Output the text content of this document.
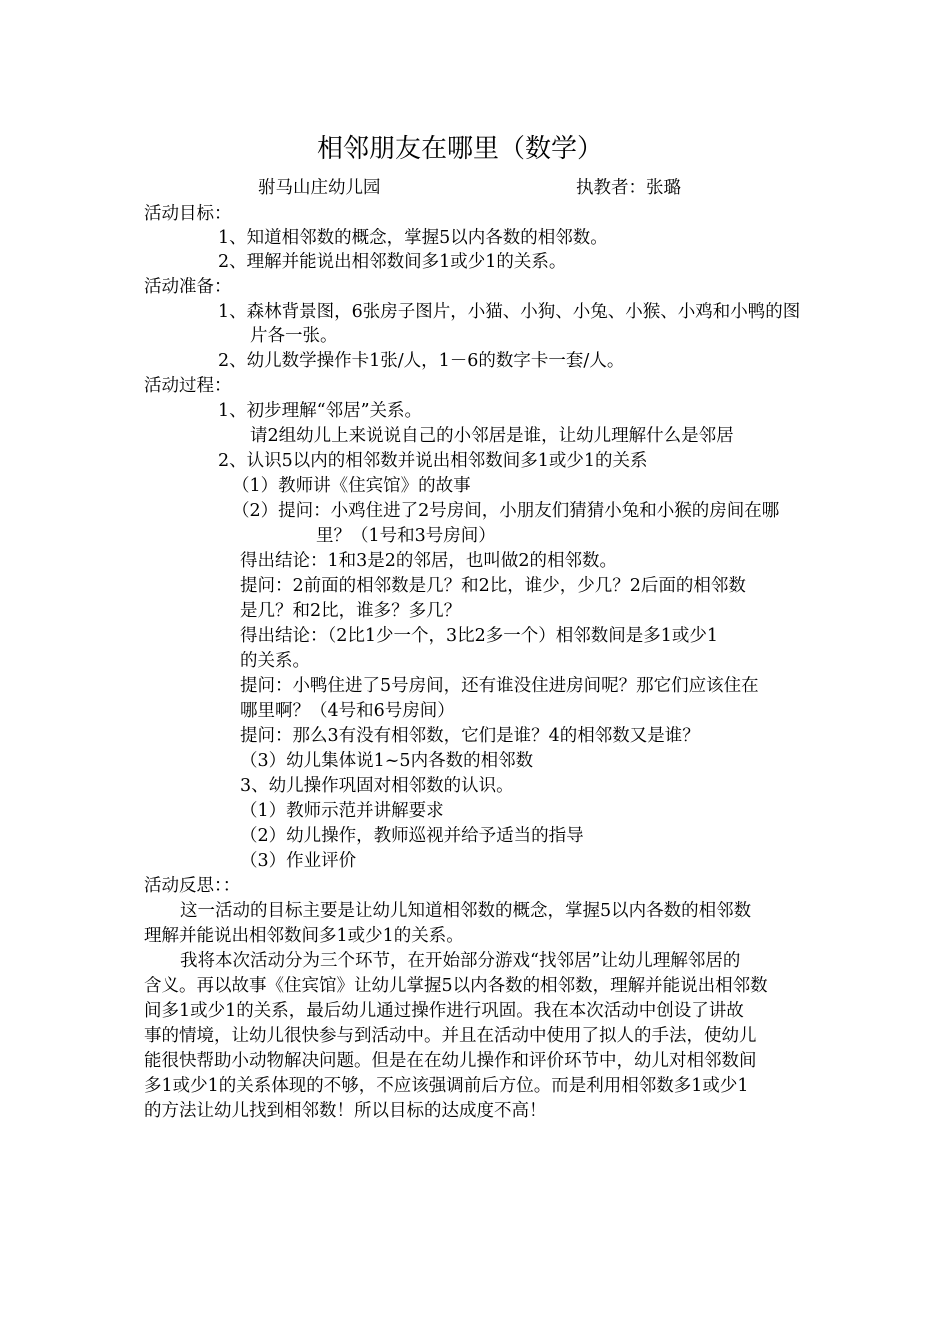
相邻朋友在哪里（数学）
驸马山庄幼儿园	执教者：张璐
活动目标：
1、知道相邻数的概念，掌握5以内各数的相邻数。
2、理解并能说出相邻数间多1或少1的关系。
活动准备：
1、森林背景图，6张房子图片，小猫、小狗、小兔、小猴、小鸡和小鸭的图
片各一张。
2、幼儿数学操作卡1张/人，1－6的数字卡一套/人。
活动过程：
1、初步理解“邻居”关系。
请2组幼儿上来说说自己的小邻居是谁，让幼儿理解什么是邻居
2、认识5以内的相邻数并说出相邻数间多1或少1的关系
（1）教师讲《住宾馆》的故事
（2）提问：小鸡住进了2号房间，小朋友们猜猜小兔和小猴的房间在哪
里？（1号和3号房间）
得出结论：1和3是2的邻居，也叫做2的相邻数。
提问：2前面的相邻数是几？和2比，谁少，少几？2后面的相邻数
是几？和2比，谁多？多几？
得出结论：（2比1少一个，3比2多一个）相邻数间是多1或少1
的关系。
提问：小鸭住进了5号房间，还有谁没住进房间呢？那它们应该住在
哪里啊？（4号和6号房间）
提问：那么3有没有相邻数，它们是谁？4的相邻数又是谁？
（3）幼儿集体说1~5内各数的相邻数
3、幼儿操作巩固对相邻数的认识。
（1）教师示范并讲解要求
（2）幼儿操作，教师巡视并给予适当的指导
（3）作业评价
活动反思：：
这一活动的目标主要是让幼儿知道相邻数的概念，掌握5以内各数的相邻数
理解并能说出相邻数间多1或少1的关系。
我将本次活动分为三个环节，在开始部分游戏“找邻居”让幼儿理解邻居的
含义。再以故事《住宾馆》让幼儿掌握5以内各数的相邻数，理解并能说出相邻数
间多1或少1的关系，最后幼儿通过操作进行巩固。我在本次活动中创设了讲故
事的情境，让幼儿很快参与到活动中。并且在活动中使用了拟人的手法，使幼儿
能很快帮助小动物解决问题。但是在在幼儿操作和评价环节中，幼儿对相邻数间
多1或少1的关系体现的不够，不应该强调前后方位。而是利用相邻数多1或少1
的方法让幼儿找到相邻数！所以目标的达成度不高！
